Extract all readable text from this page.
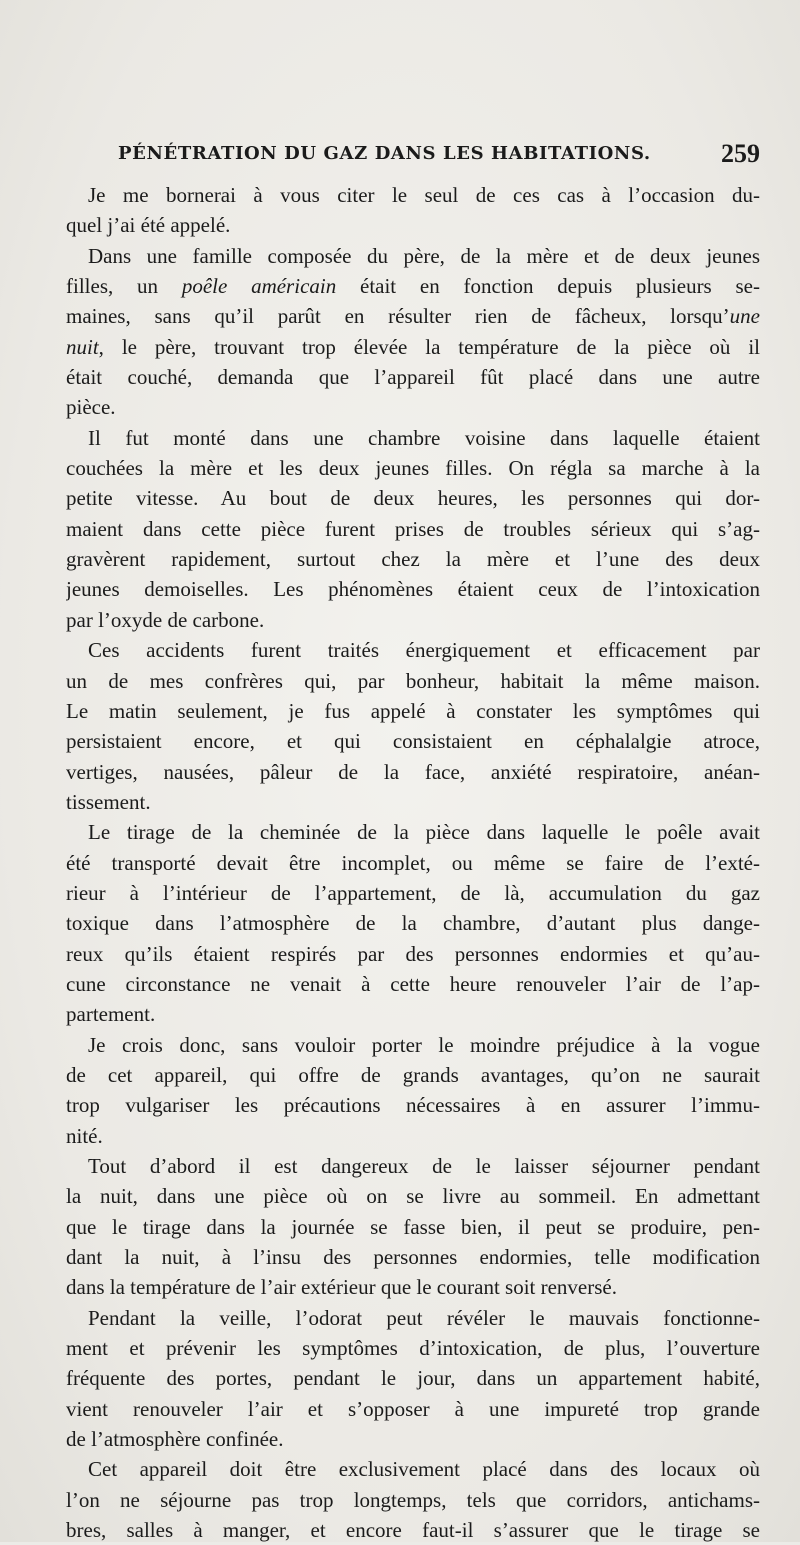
PÉNÉTRATION DU GAZ DANS LES HABITATIONS.	259
Je me bornerai à vous citer le seul de ces cas à l’occasion du-
quel j’ai été appelé.
Dans une famille composée du père, de la mère et de deux jeunes
filles, un poêle américain était en fonction depuis plusieurs se-
maines, sans qu’il parût en résulter rien de fâcheux, lorsqu’une
nuit, le père, trouvant trop élevée la température de la pièce où il
était couché, demanda que l’appareil fût placé dans une autre
pièce.
Il fut monté dans une chambre voisine dans laquelle étaient
couchées la mère et les deux jeunes filles. On régla sa marche à la
petite vitesse. Au bout de deux heures, les personnes qui dor-
maient dans cette pièce furent prises de troubles sérieux qui s’ag-
gravèrent rapidement, surtout chez la mère et l’une des deux
jeunes demoiselles. Les phénomènes étaient ceux de l’intoxication
par l’oxyde de carbone.
Ces accidents furent traités énergiquement et efficacement par
un de mes confrères qui, par bonheur, habitait la même maison.
Le matin seulement, je fus appelé à constater les symptômes qui
persistaient encore, et qui consistaient en céphalalgie atroce,
vertiges, nausées, pâleur de la face, anxiété respiratoire, anéan-
tissement.
Le tirage de la cheminée de la pièce dans laquelle le poêle avait
été transporté devait être incomplet, ou même se faire de l’exté-
rieur à l’intérieur de l’appartement, de là, accumulation du gaz
toxique dans l’atmosphère de la chambre, d’autant plus dange-
reux qu’ils étaient respirés par des personnes endormies et qu’au-
cune circonstance ne venait à cette heure renouveler l’air de l’ap-
partement.
Je crois donc, sans vouloir porter le moindre préjudice à la vogue
de cet appareil, qui offre de grands avantages, qu’on ne saurait
trop vulgariser les précautions nécessaires à en assurer l’immu-
nité.
Tout d’abord il est dangereux de le laisser séjourner pendant
la nuit, dans une pièce où on se livre au sommeil. En admettant
que le tirage dans la journée se fasse bien, il peut se produire, pen-
dant la nuit, à l’insu des personnes endormies, telle modification
dans la température de l’air extérieur que le courant soit renversé.
Pendant la veille, l’odorat peut révéler le mauvais fonctionne-
ment et prévenir les symptômes d’intoxication, de plus, l’ouverture
fréquente des portes, pendant le jour, dans un appartement habité,
vient renouveler l’air et s’opposer à une impureté trop grande
de l’atmosphère confinée.
Cet appareil doit être exclusivement placé dans des locaux où
l’on ne séjourne pas trop longtemps, tels que corridors, antichams-
bres, salles à manger, et encore faut-il s’assurer que le tirage se
